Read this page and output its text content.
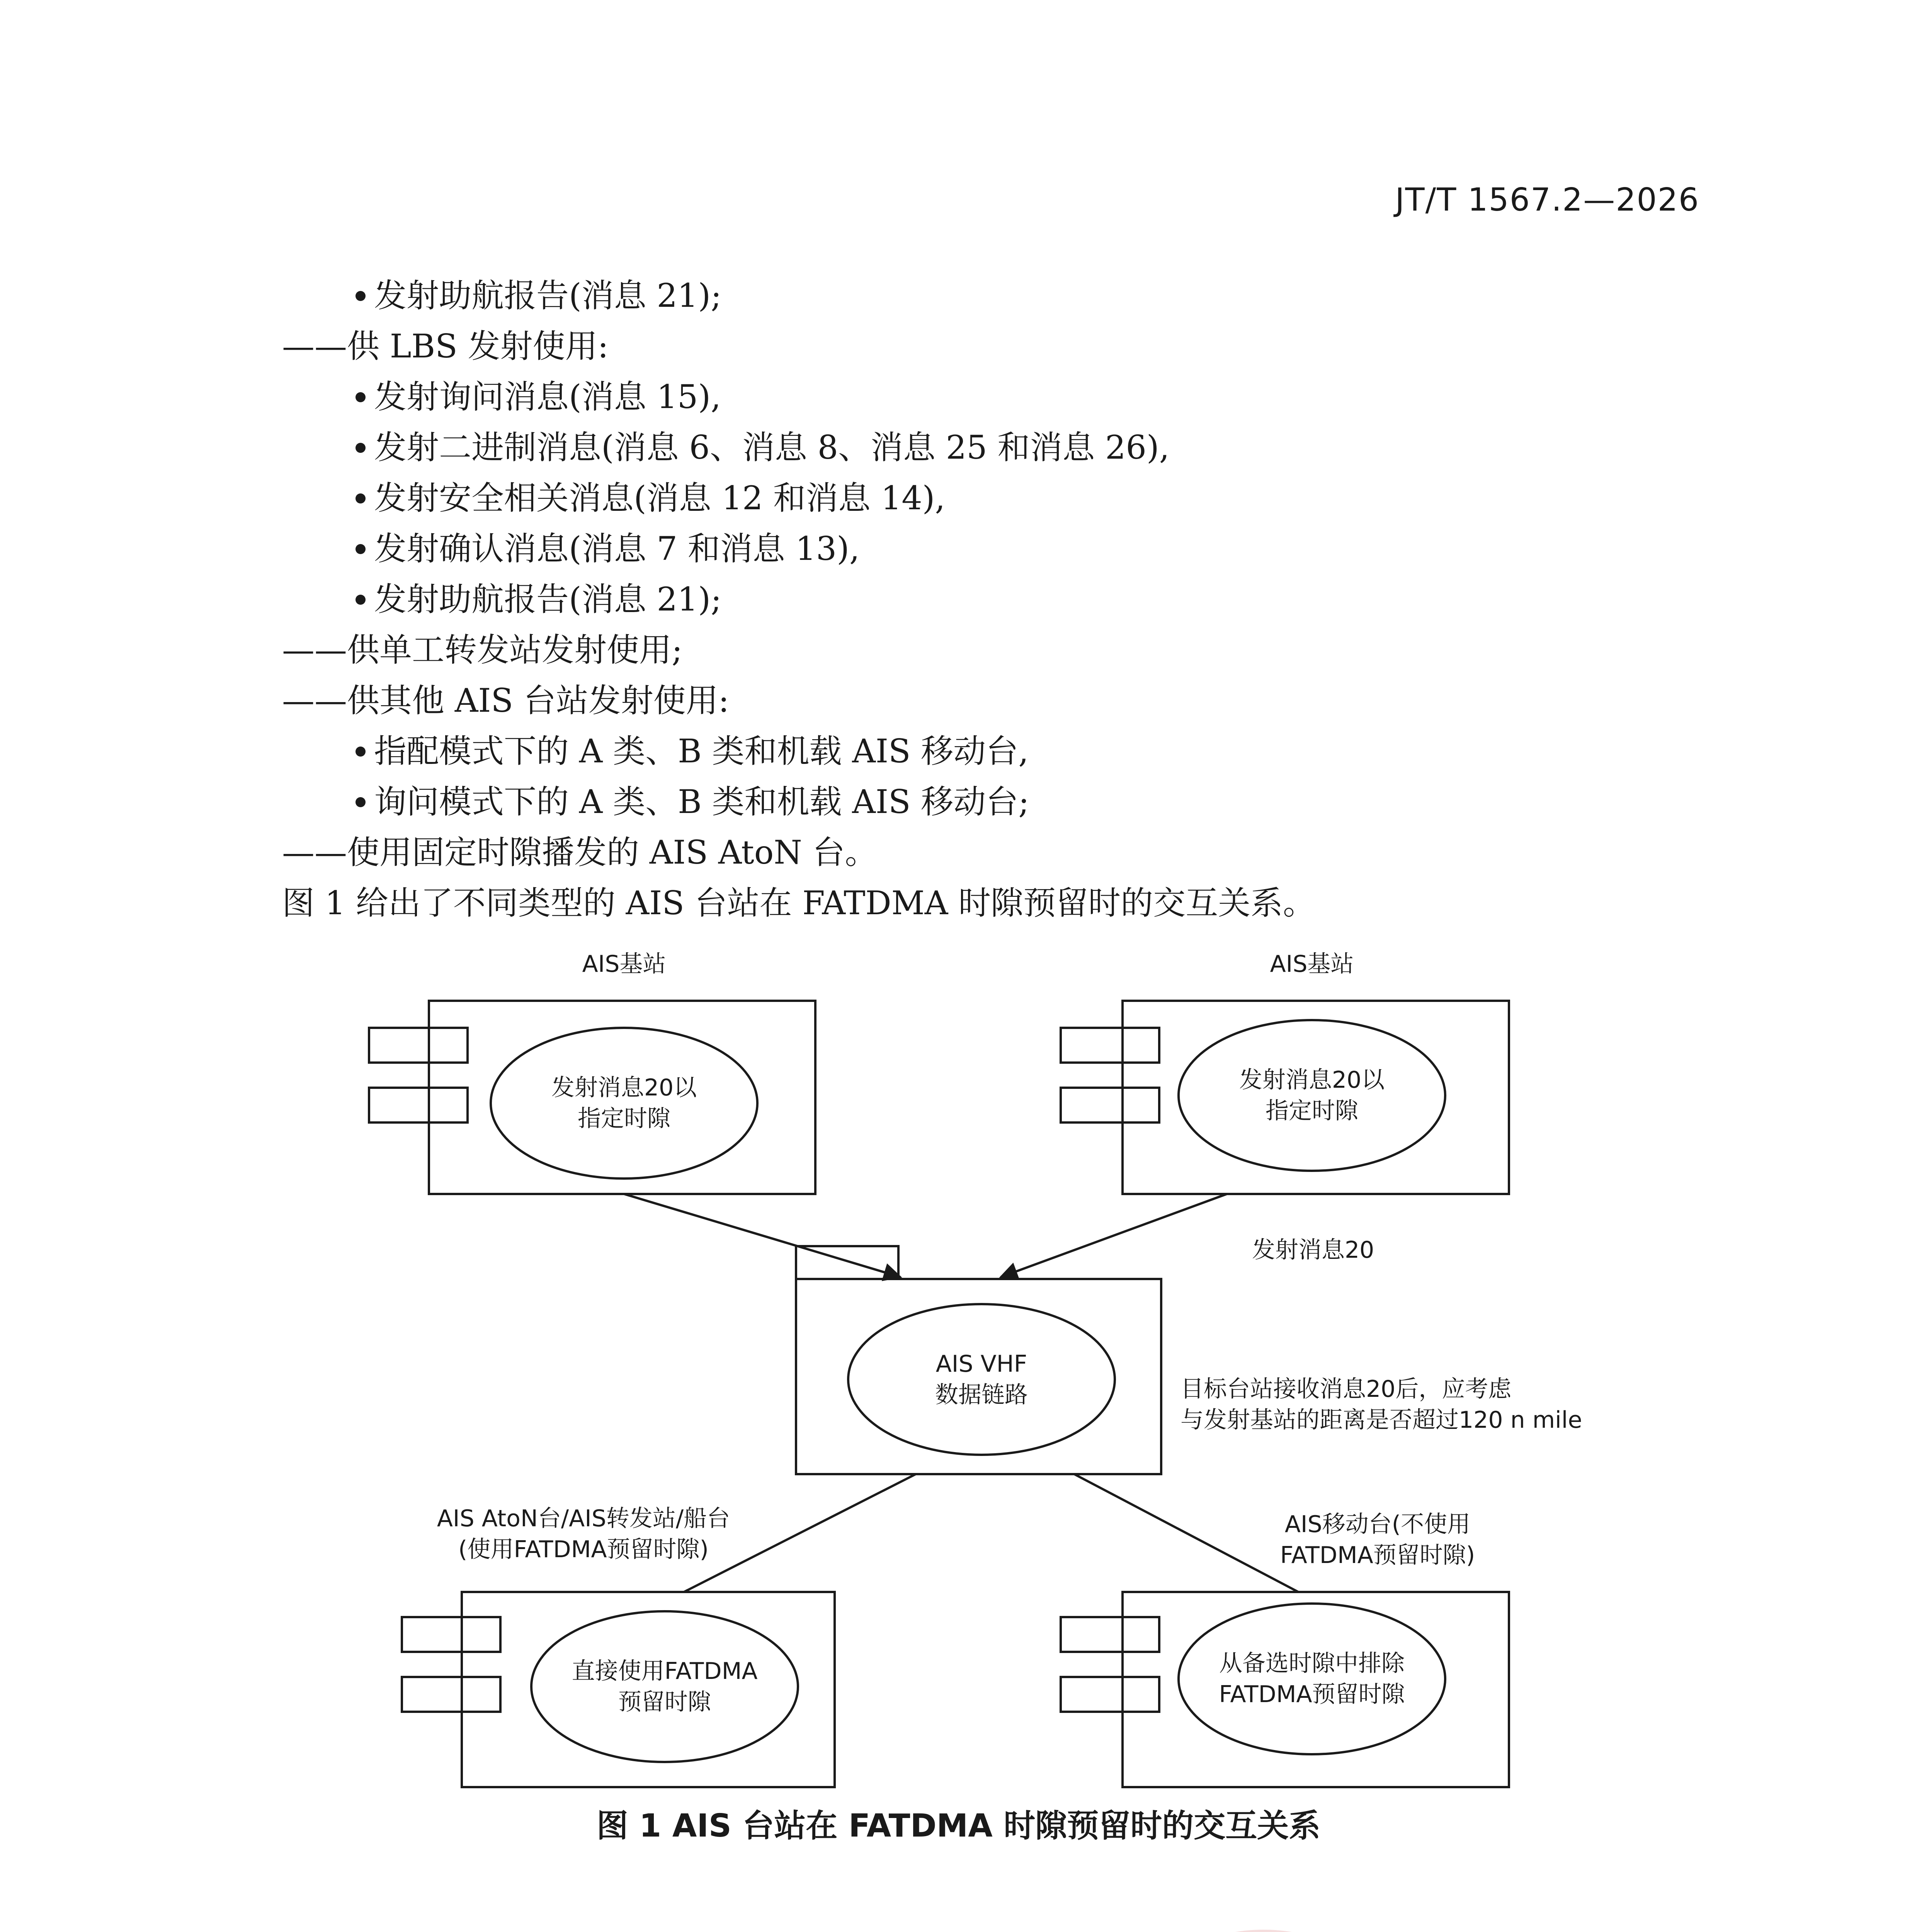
JT/T 1567.2—2026
发射助航报告(消息 21);
——供 LBS 发射使用:
发射询问消息(消息 15),
发射二进制消息(消息 6、消息 8、消息 25 和消息 26),
发射安全相关消息(消息 12 和消息 14),
发射确认消息(消息 7 和消息 13),
发射助航报告(消息 21);
——供单工转发站发射使用;
——供其他 AIS 台站发射使用:
指配模式下的 A 类、B 类和机载 AIS 移动台,
询问模式下的 A 类、B 类和机载 AIS 移动台;
——使用固定时隙播发的 AIS AtoN 台。
图 1 给出了不同类型的 AIS 台站在 FATDMA 时隙预留时的交互关系。
AIS基站	AIS基站
发射消息20以
指定时隙
发射消息20以
指定时隙
发射消息20
AIS VHF
数据链路	目标台站接收消息20后，应考虑
与发射基站的距离是否超过120 n mile
AIS AtoN台/AIS转发站/船台
(使用FATDMA预留时隙)
直接使用FATDMA
预留时隙
AIS移动台(不使用
FATDMA预留时隙)
从备选时隙中排除
FATDMA预留时隙
图 1 AIS 台站在 FATDMA 时隙预留时的交互关系
